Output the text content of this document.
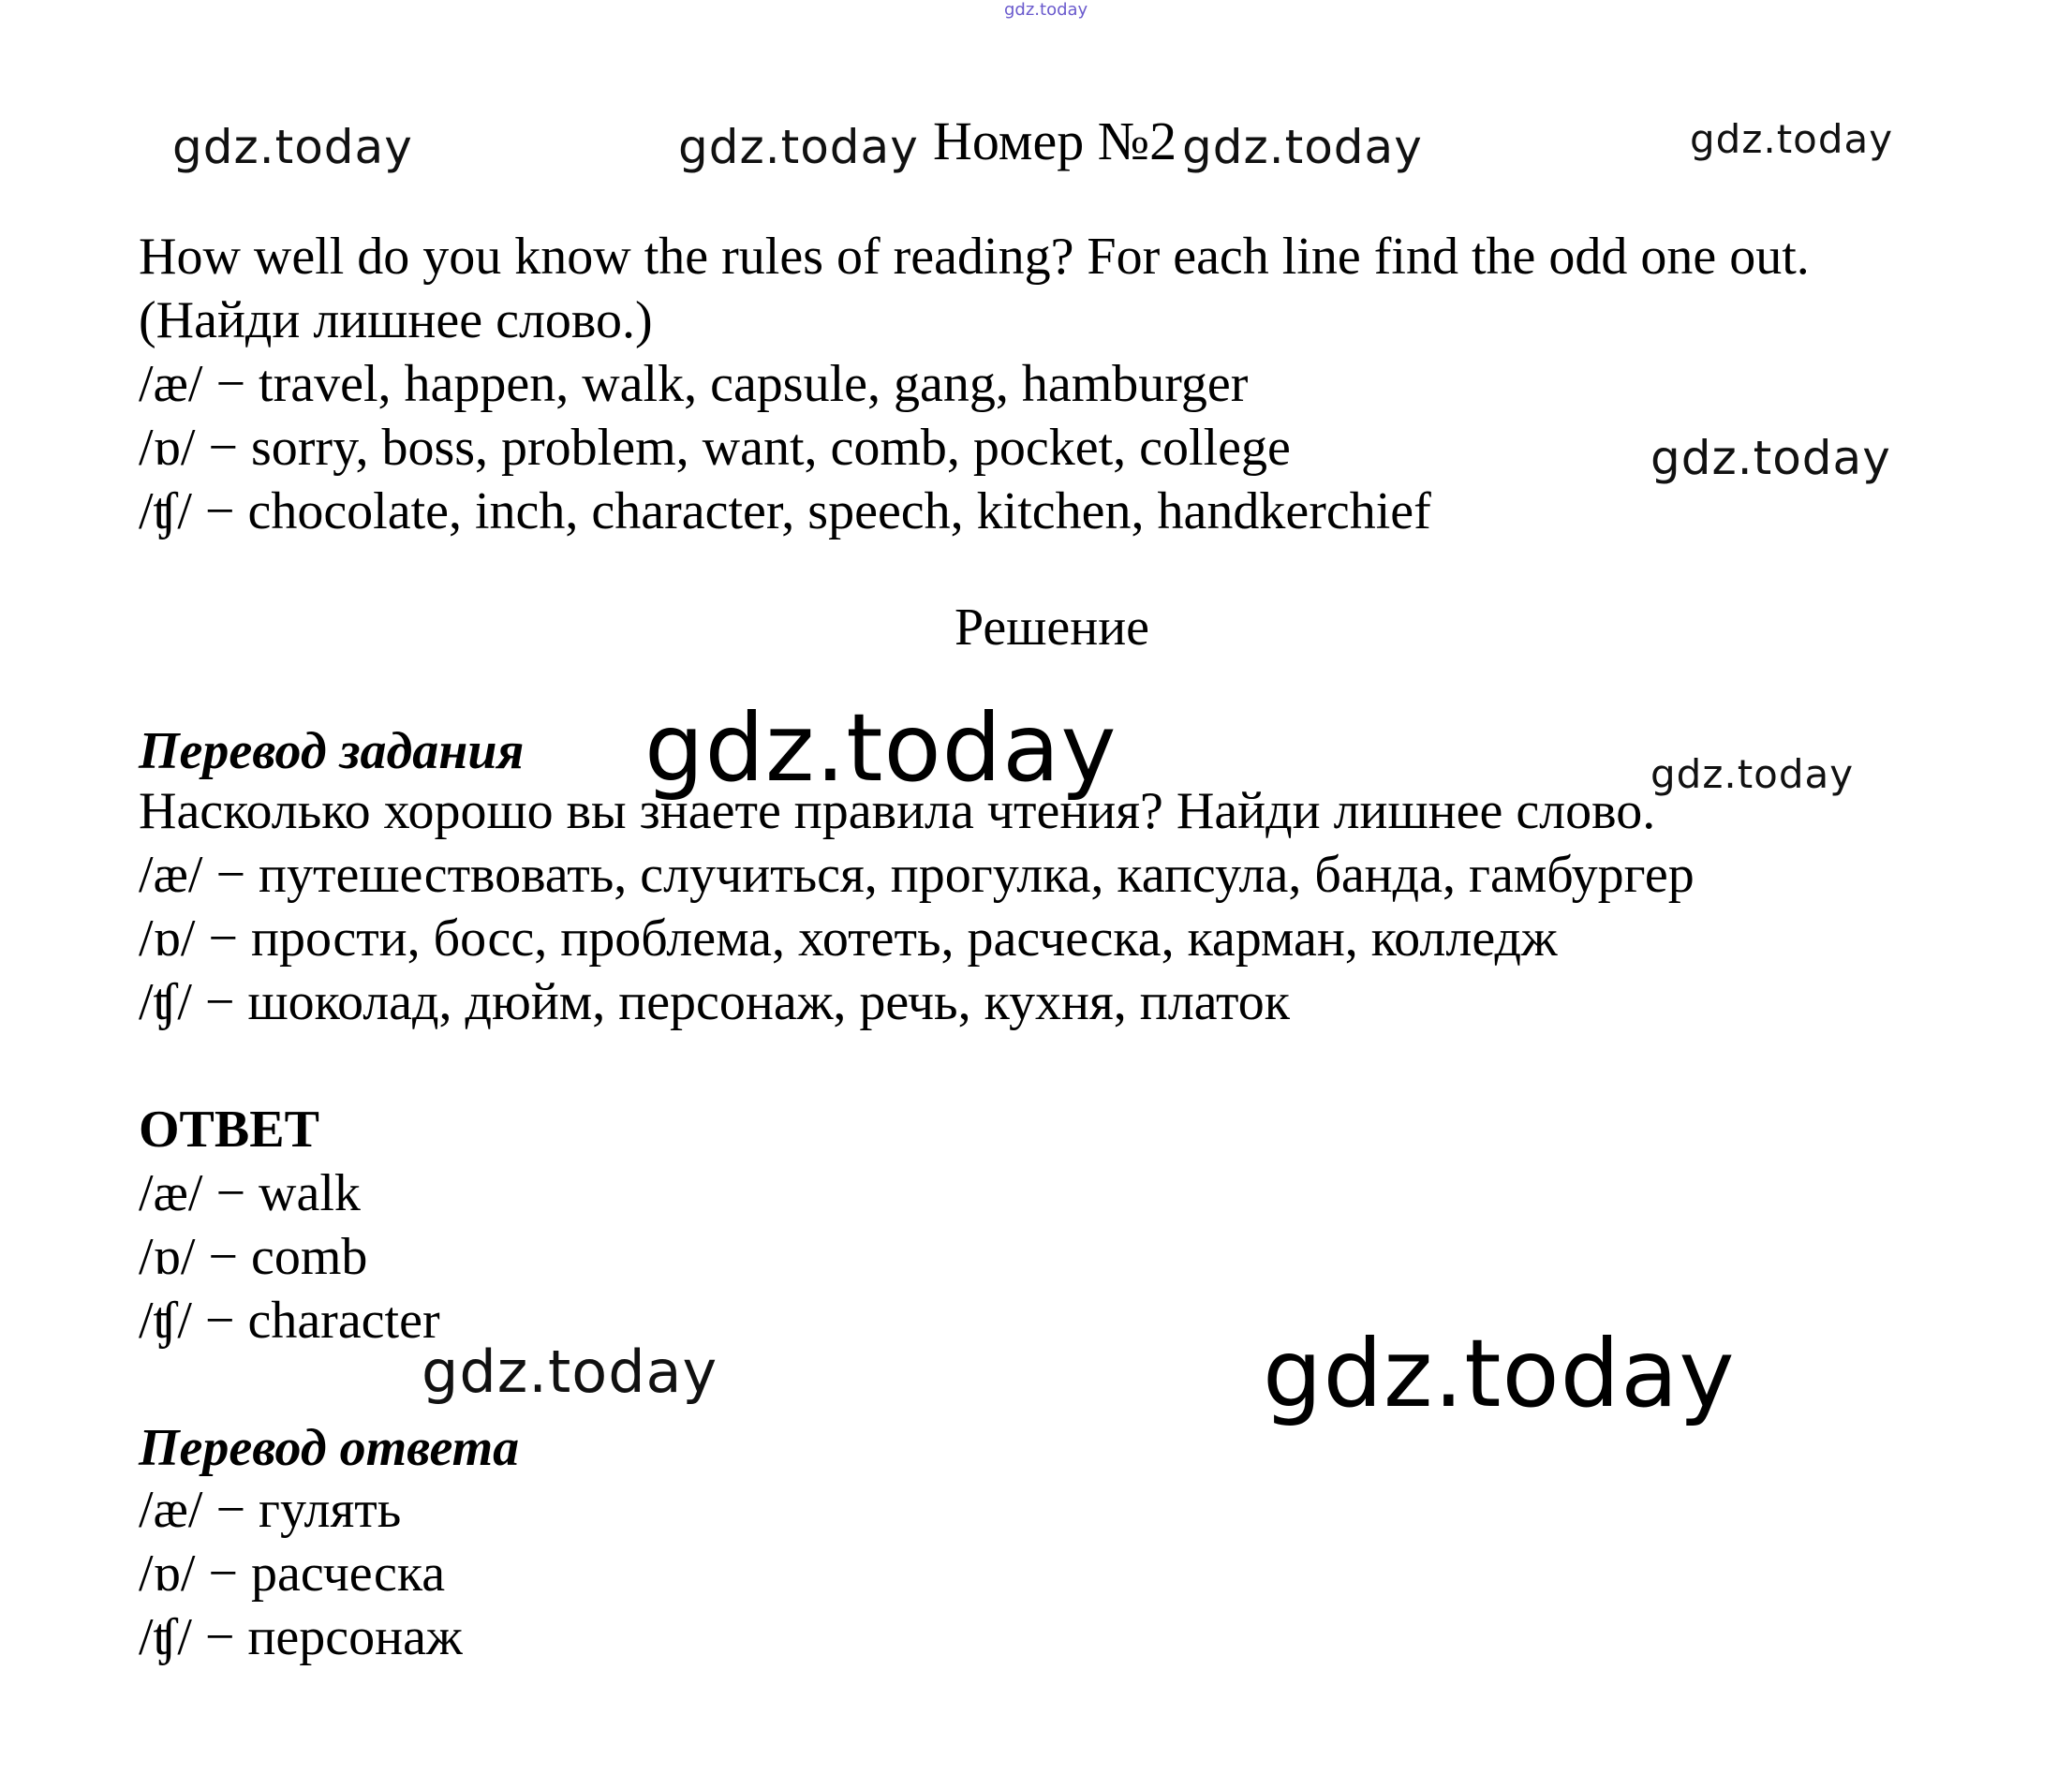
gdz.today
gdz.today	gdz.today	gdz.today	gdz.today
Номер №2
How well do you know the rules of reading? For each line find the odd one out.
(Найди лишнее слово.)
/æ/ − travel, happen, walk, capsule, gang, hamburger
/ɒ/ − sorry, boss, problem, want, comb, pocket, college
/ʧ/ − chocolate, inch, character, speech, kitchen, handkerchief
gdz.today
Решение
Перевод задания gdz.today	gdz.today
Насколько хорошо вы знаете правила чтения? Найди лишнее слово.
/æ/ − путешествовать, случиться, прогулка, капсула, банда, гамбургер
/ɒ/ − прости, босс, проблема, хотеть, расческа, карман, колледж
/ʧ/ − шоколад, дюйм, персонаж, речь, кухня, платок
ОТВЕТ
/æ/ − walk
/ɒ/ − comb
/ʧ/ − character
gdz.today	gdz.today
Перевод ответа
/æ/ − гулять
/ɒ/ − расческа
/ʧ/ − персонаж
